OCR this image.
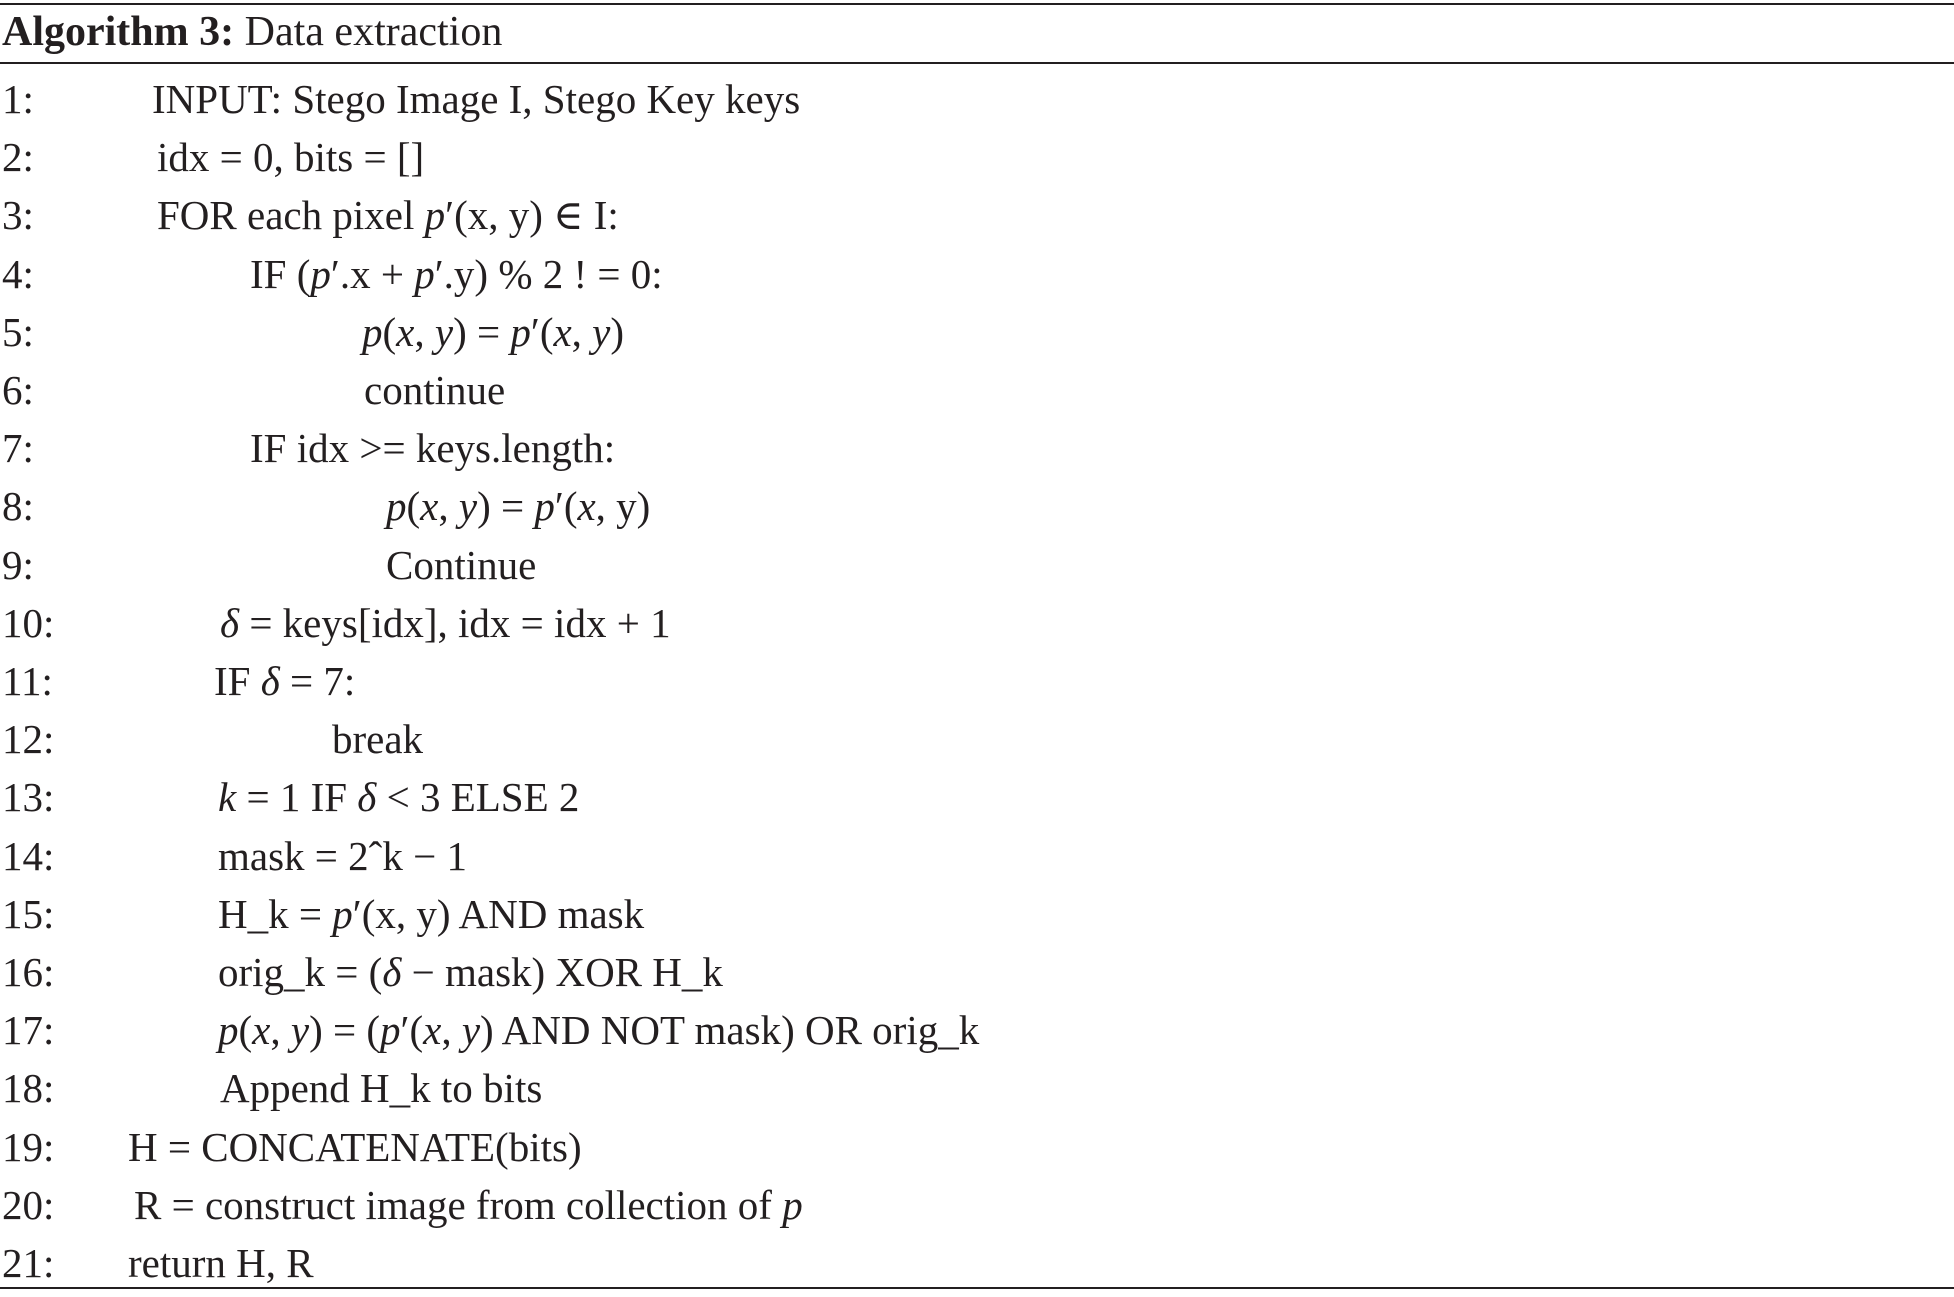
Algorithm 3: Data extraction
1:	INPUT: Stego Image I, Stego Key keys
2:	idx = 0, bits = []
3:	FOR each pixel p′(x, y) ∈ I:
4:	IF (p′.x + p′.y) % 2 ! = 0:
5:	p(x, y) = p′(x, y)
6:	continue
7:	IF idx >= keys.length:
8:	p(x, y) = p′(x, y)
9:	Continue
10:	δ = keys[idx], idx = idx + 1
11:	IF δ = 7:
12:	break
13:	k = 1 IF δ < 3 ELSE 2
14:	mask = 2ˆk − 1
15:	H_k = p′(x, y) AND mask
16:	orig_k = (δ − mask) XOR H_k
17:	p(x, y) = (p′(x, y) AND NOT mask) OR orig_k
18:	Append H_k to bits
19: H = CONCATENATE(bits)
20: R = construct image from collection of p
21: return H, R
